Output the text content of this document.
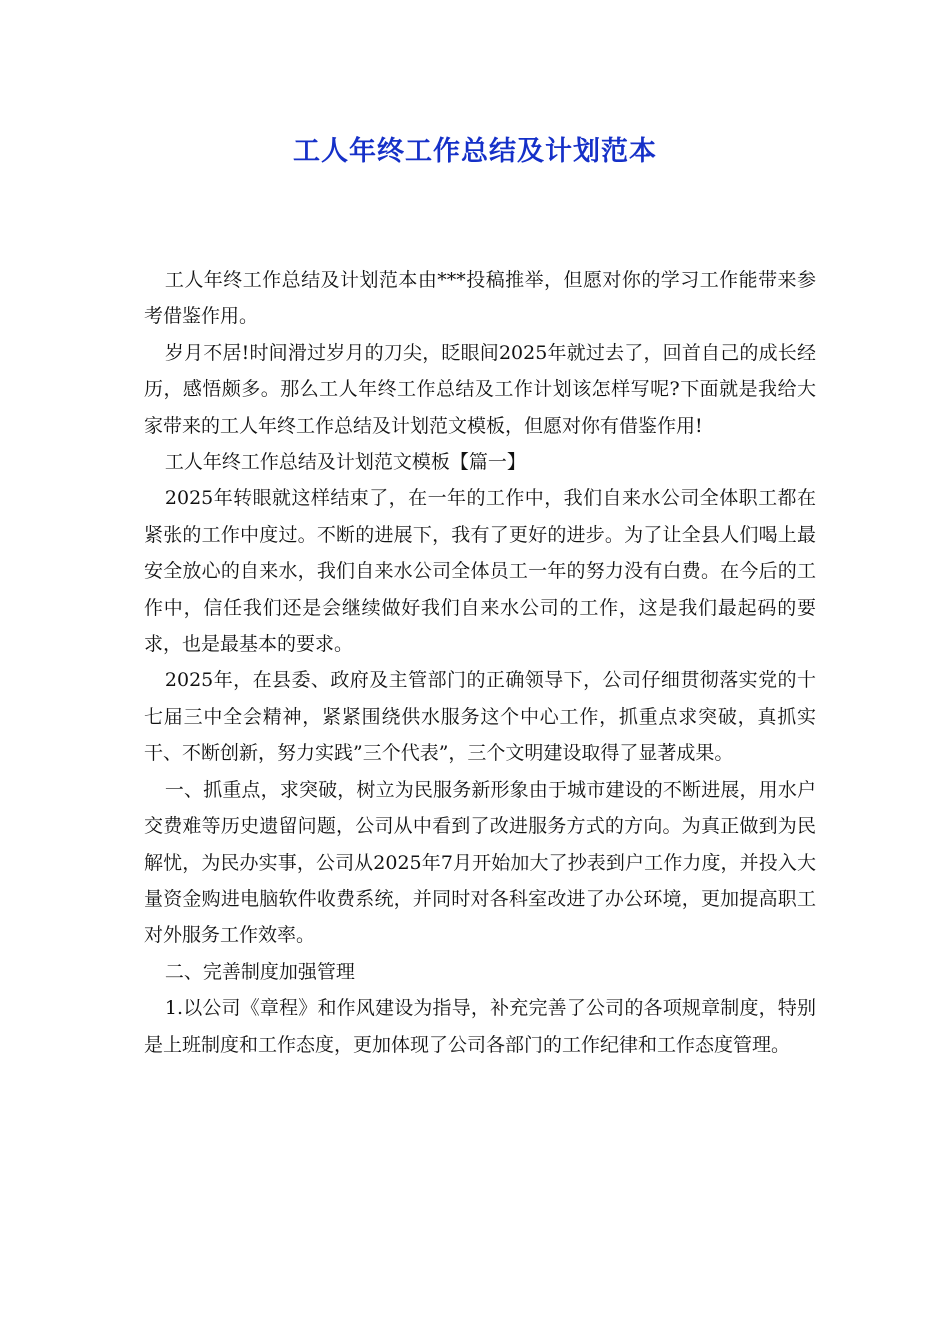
工人年终工作总结及计划范本

工人年终工作总结及计划范本由***投稿推举，但愿对你的学习工作能带来参考借鉴作用。

岁月不居!时间滑过岁月的刀尖，眨眼间2025年就过去了，回首自己的成长经历，感悟颇多。那么工人年终工作总结及工作计划该怎样写呢?下面就是我给大家带来的工人年终工作总结及计划范文模板，但愿对你有借鉴作用!

工人年终工作总结及计划范文模板【篇一】

2025年转眼就这样结束了，在一年的工作中，我们自来水公司全体职工都在紧张的工作中度过。不断的进展下，我有了更好的进步。为了让全县人们喝上最安全放心的自来水，我们自来水公司全体员工一年的努力没有白费。在今后的工作中，信任我们还是会继续做好我们自来水公司的工作，这是我们最起码的要求，也是最基本的要求。

2025年，在县委、政府及主管部门的正确领导下，公司仔细贯彻落实党的十七届三中全会精神，紧紧围绕供水服务这个中心工作，抓重点求突破，真抓实干、不断创新，努力实践”三个代表”，三个文明建设取得了显著成果。

一、抓重点，求突破，树立为民服务新形象由于城市建设的不断进展，用水户交费难等历史遗留问题，公司从中看到了改进服务方式的方向。为真正做到为民解忧，为民办实事，公司从2025年7月开始加大了抄表到户工作力度，并投入大量资金购进电脑软件收费系统，并同时对各科室改进了办公环境，更加提高职工对外服务工作效率。

二、完善制度加强管理

1.以公司《章程》和作风建设为指导，补充完善了公司的各项规章制度，特别是上班制度和工作态度，更加体现了公司各部门的工作纪律和工作态度管理。
